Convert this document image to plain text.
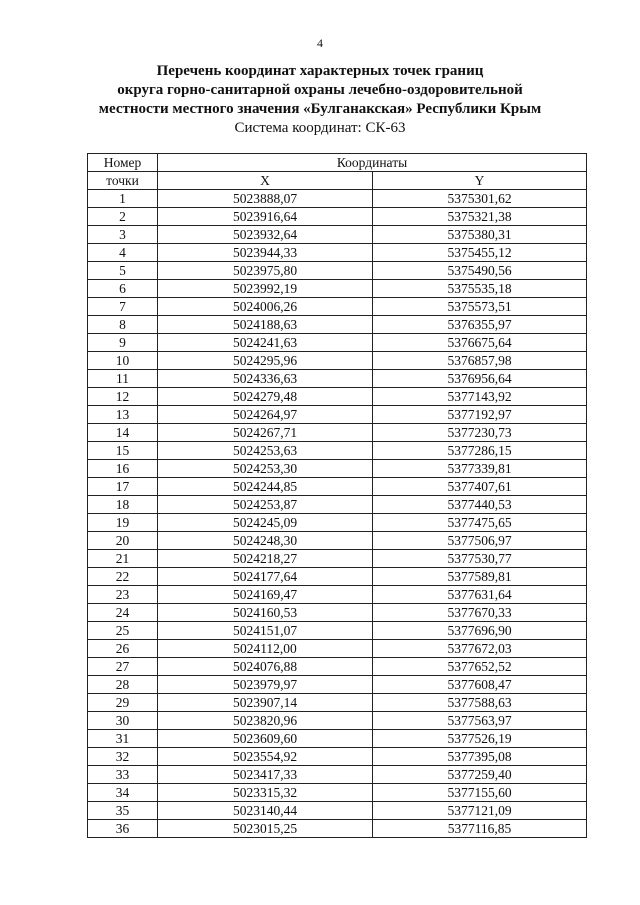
4
Перечень координат характерных точек границ
округа горно-санитарной охраны лечебно-оздоровительной
местности местного значения «Булганакская» Республики Крым
Система координат: СК-63
Номер	Координаты	
точки	X	Y
1	5023888,07	5375301,62
2	5023916,64	5375321,38
3	5023932,64	5375380,31
4	5023944,33	5375455,12
5	5023975,80	5375490,56
6	5023992,19	5375535,18
7	5024006,26	5375573,51
8	5024188,63	5376355,97
9	5024241,63	5376675,64
10	5024295,96	5376857,98
11	5024336,63	5376956,64
12	5024279,48	5377143,92
13	5024264,97	5377192,97
14	5024267,71	5377230,73
15	5024253,63	5377286,15
16	5024253,30	5377339,81
17	5024244,85	5377407,61
18	5024253,87	5377440,53
19	5024245,09	5377475,65
20	5024248,30	5377506,97
21	5024218,27	5377530,77
22	5024177,64	5377589,81
23	5024169,47	5377631,64
24	5024160,53	5377670,33
25	5024151,07	5377696,90
26	5024112,00	5377672,03
27	5024076,88	5377652,52
28	5023979,97	5377608,47
29	5023907,14	5377588,63
30	5023820,96	5377563,97
31	5023609,60	5377526,19
32	5023554,92	5377395,08
33	5023417,33	5377259,40
34	5023315,32	5377155,60
35	5023140,44	5377121,09
36	5023015,25	5377116,85
